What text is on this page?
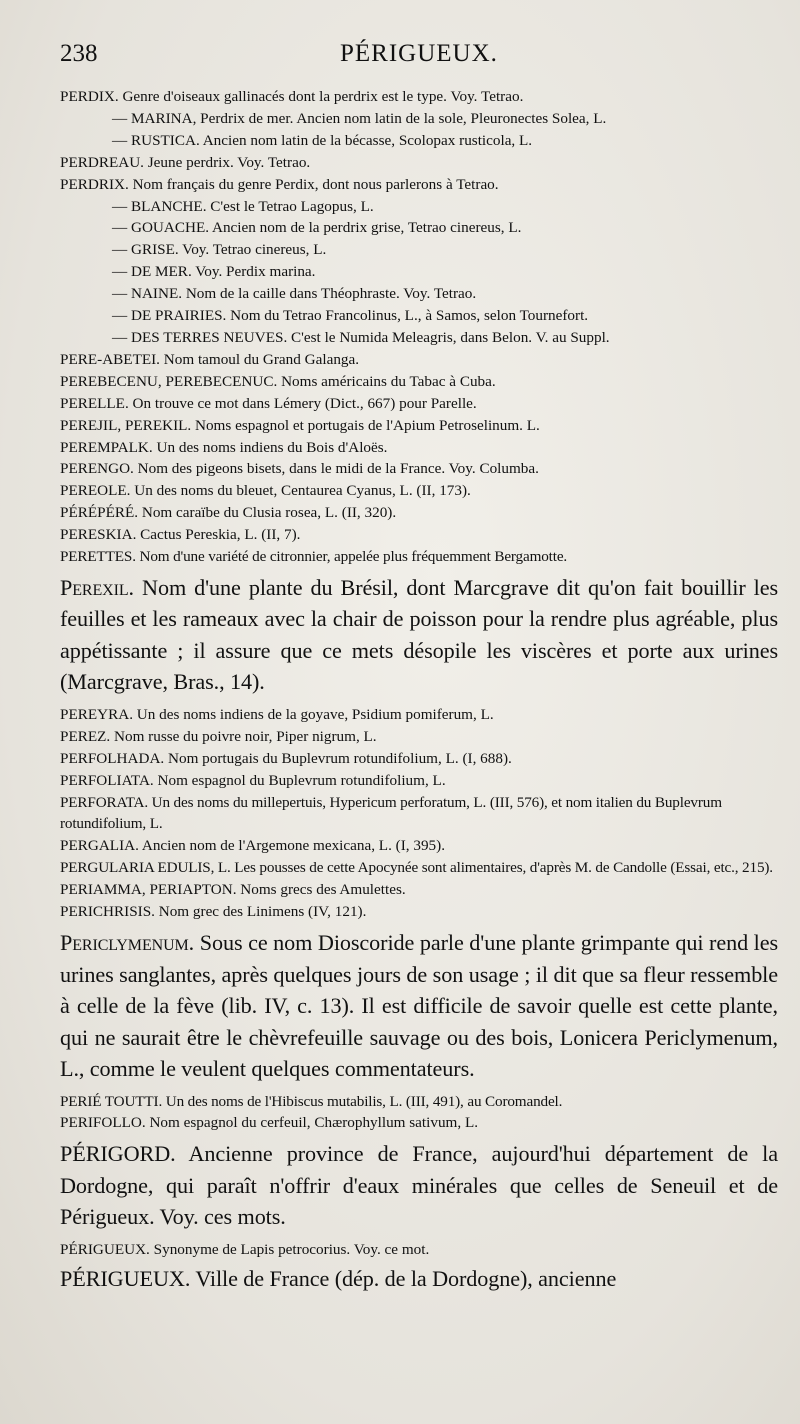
238	PÉRIGUEUX.

PERDIX. Genre d'oiseaux gallinacés dont la perdrix est le type. Voy. Tetrao.

— MARINA, Perdrix de mer. Ancien nom latin de la sole, Pleuronectes Solea, L.

— RUSTICA. Ancien nom latin de la bécasse, Scolopax rusticola, L.

PERDREAU. Jeune perdrix. Voy. Tetrao.

PERDRIX. Nom français du genre Perdix, dont nous parlerons à Tetrao.

— BLANCHE. C'est le Tetrao Lagopus, L.

— GOUACHE. Ancien nom de la perdrix grise, Tetrao cinereus, L.

— GRISE. Voy. Tetrao cinereus, L.

— DE MER. Voy. Perdix marina.

— NAINE. Nom de la caille dans Théophraste. Voy. Tetrao.

— DE PRAIRIES. Nom du Tetrao Francolinus, L., à Samos, selon Tournefort.

— DES TERRES NEUVES. C'est le Numida Meleagris, dans Belon. V. au Suppl.

PERE-ABETEI. Nom tamoul du Grand Galanga.

PEREBECENU, PEREBECENUC. Noms américains du Tabac à Cuba.

PERELLE. On trouve ce mot dans Lémery (Dict., 667) pour Parelle.

PEREJIL, PEREKIL. Noms espagnol et portugais de l'Apium Petroselinum. L.

PEREMPALK. Un des noms indiens du Bois d'Aloës.

PERENGO. Nom des pigeons bisets, dans le midi de la France. Voy. Columba.

PEREOLE. Un des noms du bleuet, Centaurea Cyanus, L. (II, 173).

PÉRÉPÉRÉ. Nom caraïbe du Clusia rosea, L. (II, 320).

PERESKIA. Cactus Pereskia, L. (II, 7).

PERETTES. Nom d'une variété de citronnier, appelée plus fréquemment Bergamotte.

Perexil. Nom d'une plante du Brésil, dont Marcgrave dit qu'on fait bouillir les feuilles et les rameaux avec la chair de poisson pour la rendre plus agréable, plus appétissante ; il assure que ce mets désopile les viscères et porte aux urines (Marcgrave, Bras., 14).

PEREYRA. Un des noms indiens de la goyave, Psidium pomiferum, L.

PEREZ. Nom russe du poivre noir, Piper nigrum, L.

PERFOLHADA. Nom portugais du Buplevrum rotundifolium, L. (I, 688).

PERFOLIATA. Nom espagnol du Buplevrum rotundifolium, L.

PERFORATA. Un des noms du millepertuis, Hypericum perforatum, L. (III, 576), et nom italien du Buplevrum rotundifolium, L.

PERGALIA. Ancien nom de l'Argemone mexicana, L. (I, 395).

PERGULARIA EDULIS, L. Les pousses de cette Apocynée sont alimentaires, d'après M. de Candolle (Essai, etc., 215).

PERIAMMA, PERIAPTON. Noms grecs des Amulettes.

PERICHRISIS. Nom grec des Linimens (IV, 121).

Periclymenum. Sous ce nom Dioscoride parle d'une plante grimpante qui rend les urines sanglantes, après quelques jours de son usage ; il dit que sa fleur ressemble à celle de la fève (lib. IV, c. 13). Il est difficile de savoir quelle est cette plante, qui ne saurait être le chèvrefeuille sauvage ou des bois, Lonicera Periclymenum, L., comme le veulent quelques commentateurs.

PERIÉ TOUTTI. Un des noms de l'Hibiscus mutabilis, L. (III, 491), au Coromandel.

PERIFOLLO. Nom espagnol du cerfeuil, Chærophyllum sativum, L.

PÉRIGORD. Ancienne province de France, aujourd'hui département de la Dordogne, qui paraît n'offrir d'eaux minérales que celles de Seneuil et de Périgueux. Voy. ces mots.

PÉRIGUEUX. Synonyme de Lapis petrocorius. Voy. ce mot.

PÉRIGUEUX. Ville de France (dép. de la Dordogne), ancienne
